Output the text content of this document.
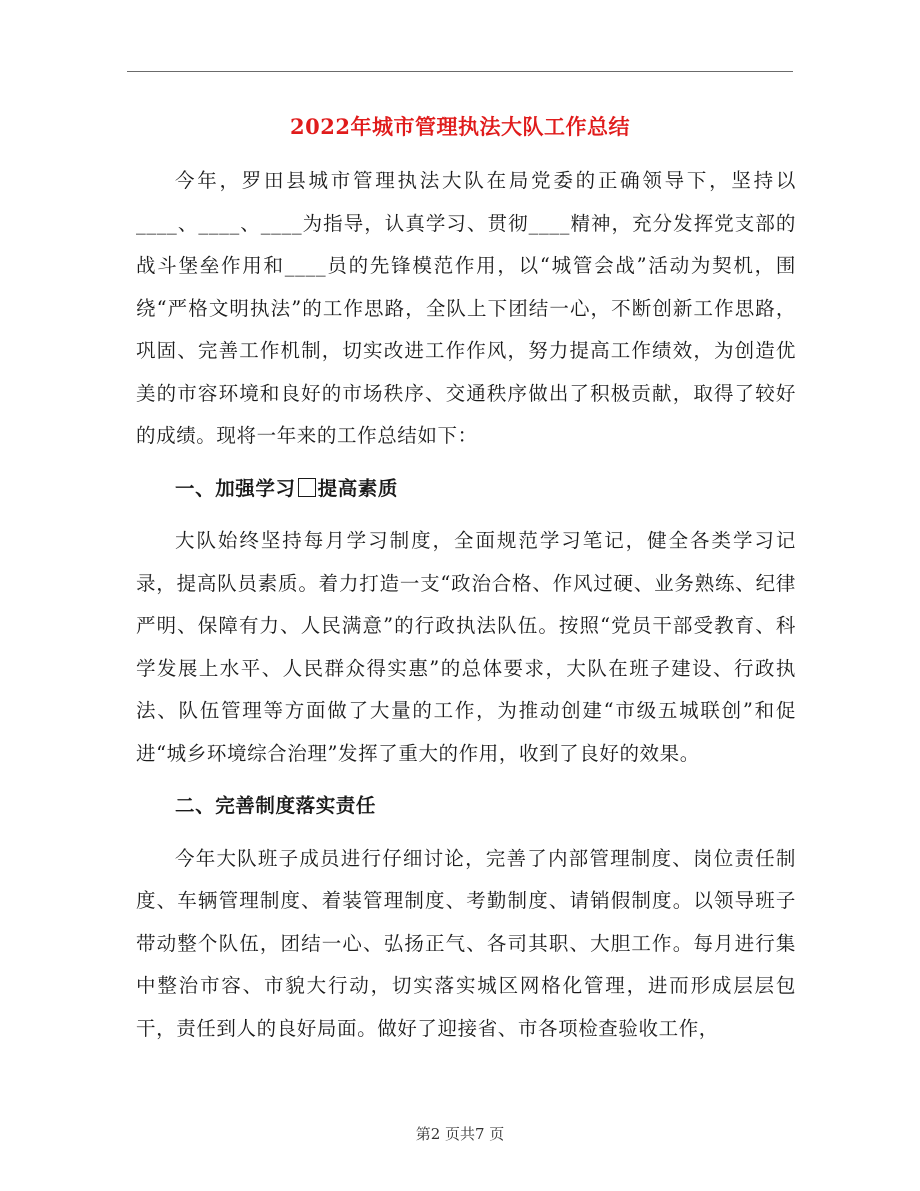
2022年城市管理执法大队工作总结

今年，罗田县城市管理执法大队在局党委的正确领导下，坚持以____、____、____为指导，认真学习、贯彻____精神，充分发挥党支部的战斗堡垒作用和____员的先锋模范作用，以“城管会战”活动为契机，围绕“严格文明执法”的工作思路，全队上下团结一心，不断创新工作思路，巩固、完善工作机制，切实改进工作作风，努力提高工作绩效，为创造优美的市容环境和良好的市场秩序、交通秩序做出了积极贡献，取得了较好的成绩。现将一年来的工作总结如下：

一、加强学习 提高素质

大队始终坚持每月学习制度，全面规范学习笔记，健全各类学习记录，提高队员素质。着力打造一支“政治合格、作风过硬、业务熟练、纪律严明、保障有力、人民满意”的行政执法队伍。按照“党员干部受教育、科学发展上水平、人民群众得实惠”的总体要求，大队在班子建设、行政执法、队伍管理等方面做了大量的工作，为推动创建“市级五城联创”和促进“城乡环境综合治理”发挥了重大的作用，收到了良好的效果。

二、完善制度落实责任

今年大队班子成员进行仔细讨论，完善了内部管理制度、岗位责任制度、车辆管理制度、着装管理制度、考勤制度、请销假制度。以领导班子带动整个队伍，团结一心、弘扬正气、各司其职、大胆工作。每月进行集中整治市容、市貌大行动，切实落实城区网格化管理，进而形成层层包干，责任到人的良好局面。做好了迎接省、市各项检查验收工作，

第2 页共7 页
